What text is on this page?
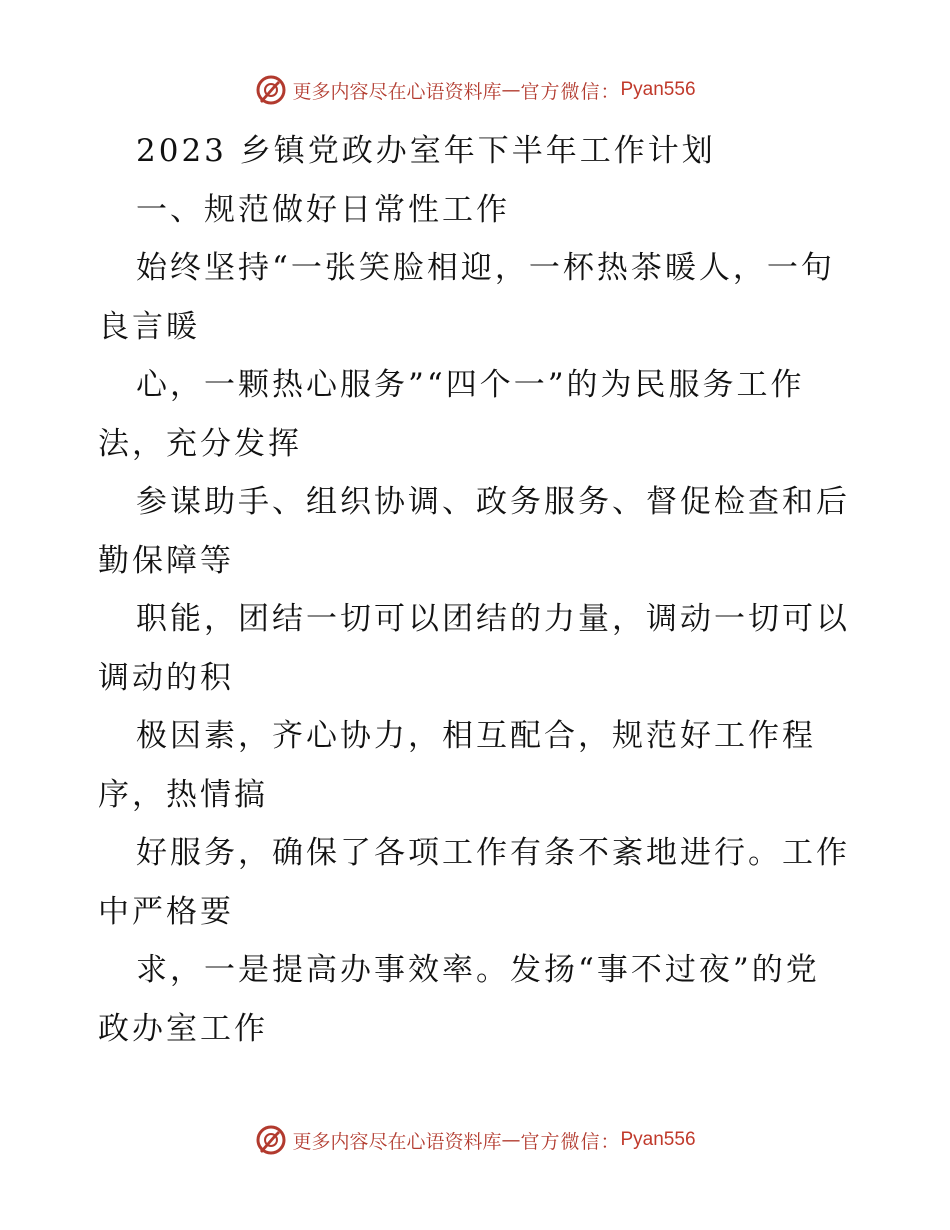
更多内容尽在心语资料库 — 官方微信： Pyan556
2023 乡镇党政办室年下半年工作计划
一、规范做好日常性工作
始终坚持“一张笑脸相迎，一杯热茶暖人，一句
良言暖
心，一颗热心服务”“四个一”的为民服务工作
法，充分发挥
参谋助手、组织协调、政务服务、督促检查和后
勤保障等
职能，团结一切可以团结的力量，调动一切可以
调动的积
极因素，齐心协力，相互配合，规范好工作程
序，热情搞
好服务，确保了各项工作有条不紊地进行。工作
中严格要
求，一是提高办事效率。发扬“事不过夜”的党
政办室工作
更多内容尽在心语资料库 — 官方微信： Pyan556
